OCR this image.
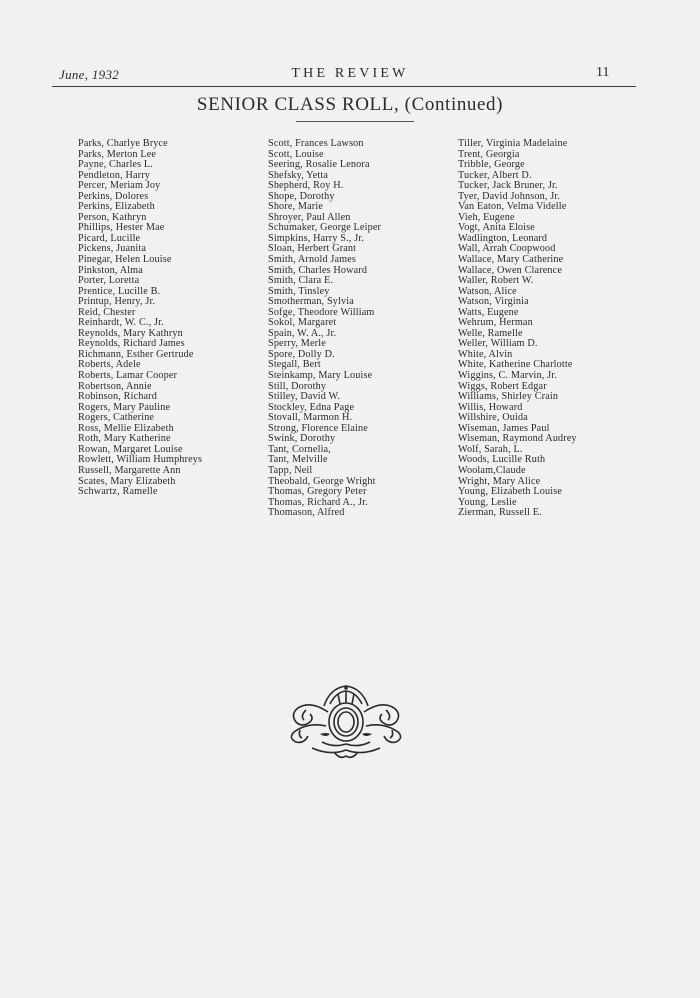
June, 1932	THE REVIEW	11
SENIOR CLASS ROLL, (Continued)
Parks, Charlye Bryce
Parks, Merton Lee
Payne, Charles L.
Pendleton, Harry
Percer, Meriam Joy
Perkins, Dolores
Perkins, Elizabeth
Person, Kathryn
Phillips, Hester Mae
Picard, Lucille
Pickens, Juanita
Pinegar, Helen Louise
Pinkston, Alma
Porter, Loretta
Prentice, Lucille B.
Printup, Henry, Jr.
Reid, Chester
Reinhardt, W. C., Jr.
Reynolds, Mary Kathryn
Reynolds, Richard James
Richmann, Esther Gertrude
Roberts, Adele
Roberts, Lamar Cooper
Robertson, Annie
Robinson, Richard
Rogers, Mary Pauline
Rogers, Catherine
Ross, Mellie Elizabeth
Roth, Mary Katherine
Rowan, Margaret Louise
Rowlett, William Humphreys
Russell, Margarette Ann
Scates, Mary Elizabeth
Schwartz, Ramelle
Scott, Frances Lawson
Scott, Louise
Seering, Rosalie Lenora
Shefsky, Yetta
Shepherd, Roy H.
Shope, Dorothy
Shore, Marie
Shroyer, Paul Allen
Schumaker, George Leiper
Simpkins, Harry S., Jr.
Sloan, Herbert Grant
Smith, Arnold James
Smith, Charles Howard
Smith, Clara E.
Smith, Tinsley
Smotherman, Sylvia
Sofge, Theodore William
Sokol, Margaret
Spain, W. A., Jr.
Sperry, Merle
Spore, Dolly D.
Stegall, Bert
Steinkamp, Mary Louise
Still, Dorothy
Stilley, David W.
Stockley, Edna Page
Stovall, Marmon H.
Strong, Florence Elaine
Swink, Dorothy
Tant, Cornelia,
Tant, Melville
Tapp, Neil
Theobald, George Wright
Thomas, Gregory Peter
Thomas, Richard A., Jr.
Thomason, Alfred
Tiller, Virginia Madelaine
Trent, Georgia
Tribble, George
Tucker, Albert D.
Tucker, Jack Bruner, Jr.
Tyer, David Johnson, Jr.
Van Eaton, Velma Videlle
Vieh, Eugene
Vogt, Anita Eloise
Wadlington, Leonard
Wall, Arrah Coopwood
Wallace, Mary Catherine
Wallace, Owen Clarence
Waller, Robert W.
Watson, Alice
Watson, Virginia
Watts, Eugene
Wehrum, Herman
Welle, Ramelle
Weller, William D.
White, Alvin
White, Katherine Charlotte
Wiggins, C. Marvin, Jr.
Wiggs, Robert Edgar
Williams, Shirley Crain
Willis, Howard
Willshire, Ouida
Wiseman, James Paul
Wiseman, Raymond Audrey
Wolf, Sarah, L.
Woods, Lucille Ruth
Woolam,Claude
Wright, Mary Alice
Young, Elizabeth Louise
Young, Leslie
Zierman, Russell E.
